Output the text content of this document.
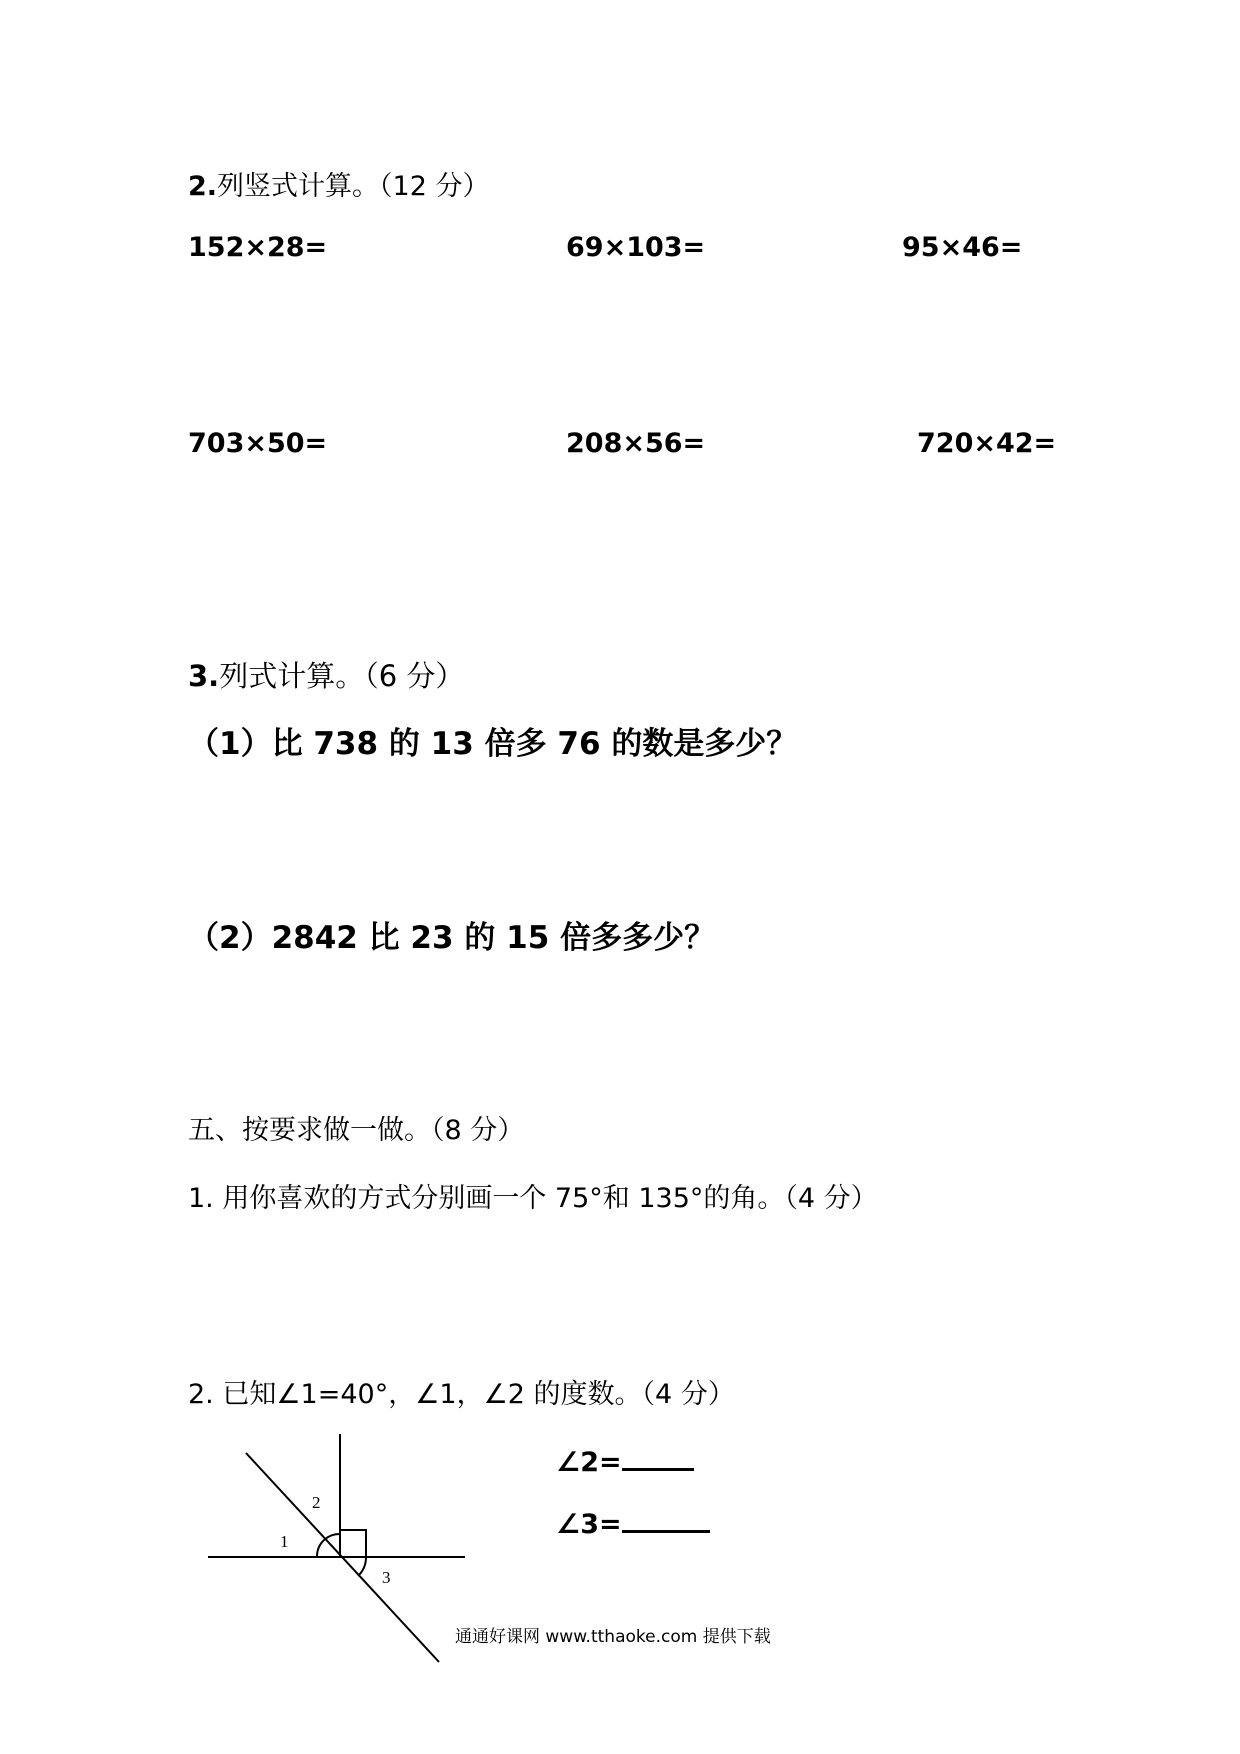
2.列竖式计算。（12 分）
152×28=	69×103=	95×46=
703×50=	208×56=	720×42=
3.列式计算。（6 分）
（1）比 738 的 13 倍多 76 的数是多少？
（2）2842 比 23 的 15 倍多多少？
五、按要求做一做。（8 分）
1. 用你喜欢的方式分别画一个 75°和 135°的角。（4 分）
2. 已知∠1=40°，∠1，∠2 的度数。（4 分）
∠2=
∠3=
1
2
3
通通好课网 www.tthaoke.com 提供下载
